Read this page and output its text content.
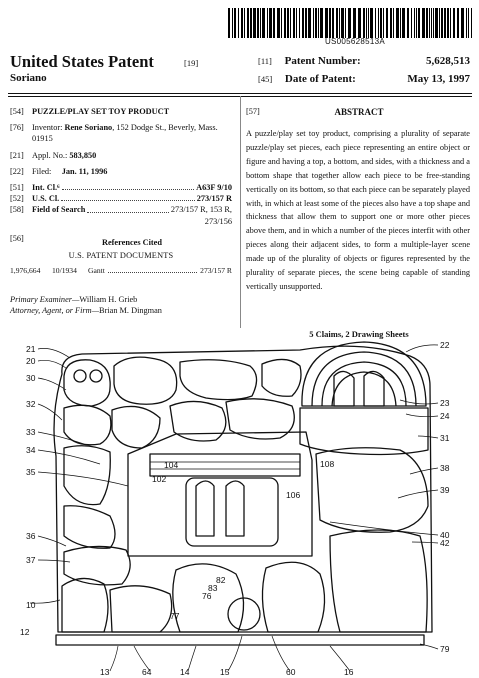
US005628513A
United States Patent	[19]
Soriano
[11] Patent Number:	5,628,513
[45] Date of Patent:	May 13, 1997
[54] PUZZLE/PLAY SET TOY PRODUCT
[76] Inventor: Rene Soriano, 152 Dodge St., Beverly, Mass. 01915
[21] Appl. No.: 583,850
[22] Filed: Jan. 11, 1996
[51] Int. Cl.⁶	A63F 9/10
[52] U.S. Cl.	273/157 R
[58] Field of Search	273/157 R, 153 R,
273/156
[56]	References Cited
U.S. PATENT DOCUMENTS
1,976,664	10/1934	Gantt	273/157 R
Primary Examiner—William H. Grieb
Attorney, Agent, or Firm—Brian M. Dingman
[57]	ABSTRACT
A puzzle/play set toy product, comprising a plurality of separate puzzle/play set pieces, each piece representing an entire object or figure and having a top, a bottom, and sides, with a thickness and a bottom shape that together allow each piece to be free-standing vertically on its bottom, so that each piece can be separately played with, in which at least some of the pieces also have a top shape and thickness that allow them to support one or more other pieces above them, and in which a number of the pieces interfit with other pieces along their adjacent sides, to form a multiple-layer scene made up of the plurality of objects or figures represented by the plurality of separate pieces, the scene being capable of standing vertically unsupported.
5 Claims, 2 Drawing Sheets
21
20
30
32
33
34
35
36
37
10
12
22
23
24
31
38
39
40
42
79
13	64	14	15	60	16
104
102
108
106
82
83
76
77
